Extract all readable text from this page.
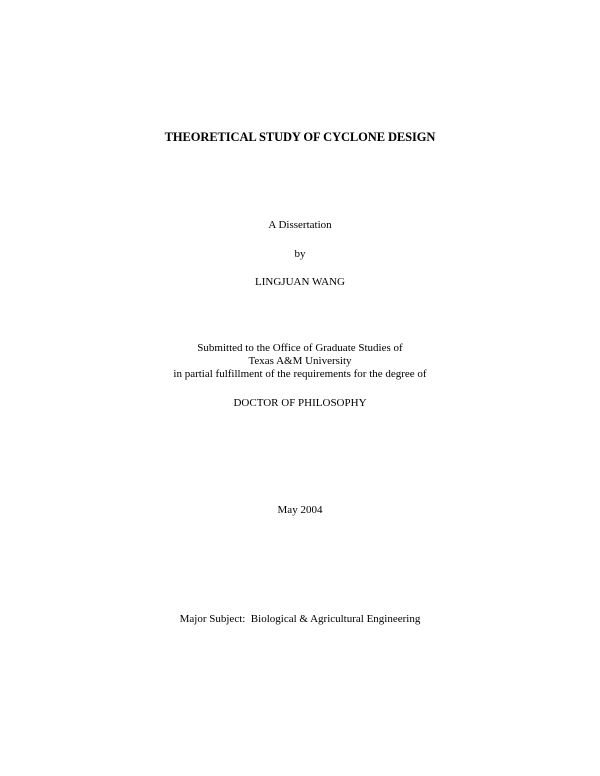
THEORETICAL STUDY OF CYCLONE DESIGN
A Dissertation
by
LINGJUAN WANG
Submitted to the Office of Graduate Studies of
Texas A&M University
in partial fulfillment of the requirements for the degree of
DOCTOR OF PHILOSOPHY
May 2004
Major Subject:  Biological & Agricultural Engineering
